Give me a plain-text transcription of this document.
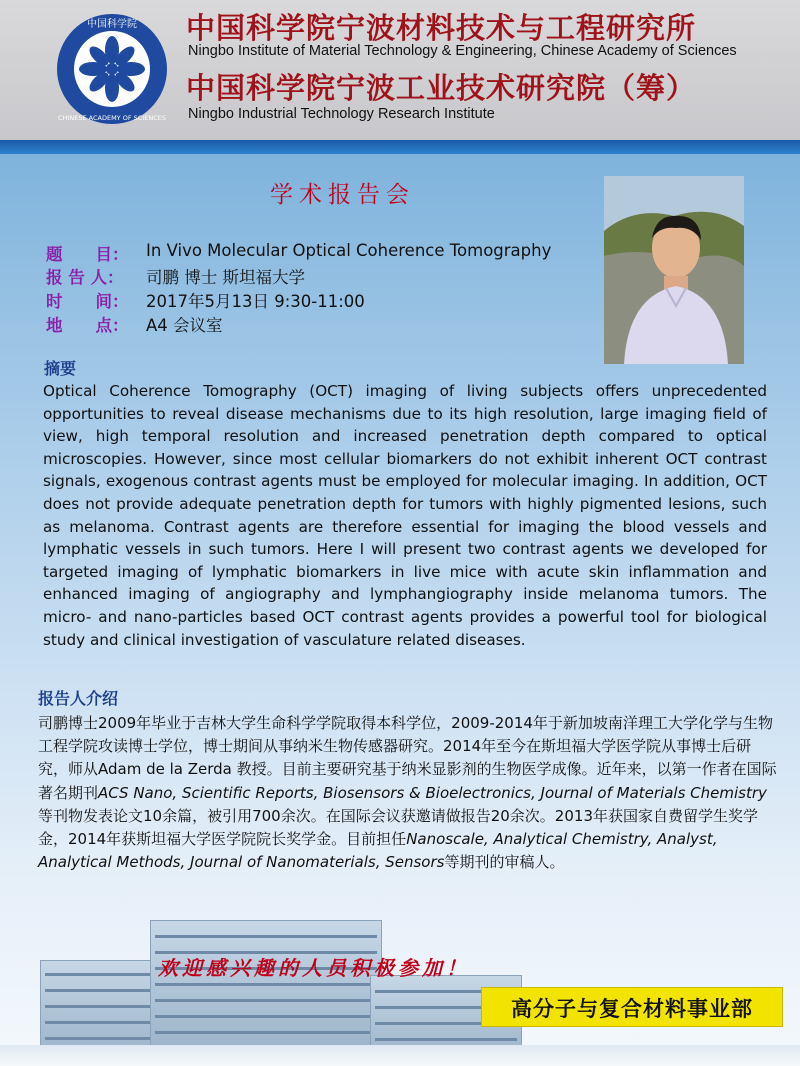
中国科学院
CHINESE ACADEMY OF SCIENCES
中国科学院宁波材料技术与工程研究所
Ningbo Institute of Material Technology & Engineering, Chinese Academy of Sciences
中国科学院宁波工业技术研究院（筹）
Ningbo Industrial Technology Research Institute
学术报告会
题　　目： In Vivo Molecular Optical Coherence Tomography
报 告 人： 司鹏 博士 斯坦福大学
时　　间： 2017年5月13日 9:30-11:00
地　　点： A4 会议室
摘要
Optical Coherence Tomography (OCT) imaging of living subjects offers unprecedented opportunities to reveal disease mechanisms due to its high resolution, large imaging field of view, high temporal resolution and increased penetration depth compared to optical microscopies. However, since most cellular biomarkers do not exhibit inherent OCT contrast signals, exogenous contrast agents must be employed for molecular imaging. In addition, OCT does not provide adequate penetration depth for tumors with highly pigmented lesions, such as melanoma. Contrast agents are therefore essential for imaging the blood vessels and lymphatic vessels in such tumors. Here I will present two contrast agents we developed for targeted imaging of lymphatic biomarkers in live mice with acute skin inflammation and enhanced imaging of angiography and lymphangiography inside melanoma tumors. The micro- and nano-particles based OCT contrast agents provides a powerful tool for biological study and clinical investigation of vasculature related diseases.
报告人介绍
司鹏博士2009年毕业于吉林大学生命科学学院取得本科学位，2009-2014年于新加坡南洋理工大学化学与生物工程学院攻读博士学位，博士期间从事纳米生物传感器研究。2014年至今在斯坦福大学医学院从事博士后研究，师从Adam de la Zerda 教授。目前主要研究基于纳米显影剂的生物医学成像。近年来，以第一作者在国际著名期刊ACS Nano, Scientific Reports, Biosensors & Bioelectronics, Journal of Materials Chemistry等刊物发表论文10余篇，被引用700余次。在国际会议获邀请做报告20余次。2013年获国家自费留学生奖学金，2014年获斯坦福大学医学院院长奖学金。目前担任Nanoscale, Analytical Chemistry, Analyst, Analytical Methods, Journal of Nanomaterials, Sensors等期刊的审稿人。
欢迎感兴趣的人员积极参加！
高分子与复合材料事业部
